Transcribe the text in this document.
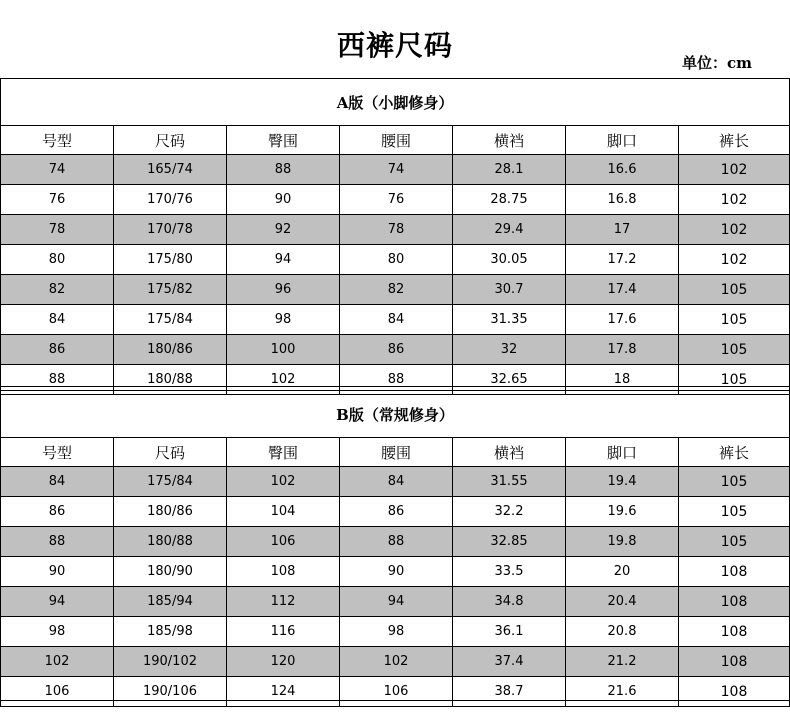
西裤尺码
单位：cm
A版（小脚修身）						
号型	尺码	臀围	腰围	横裆	脚口	裤长
74	165/74	88	74	28.1	16.6	102
76	170/76	90	76	28.75	16.8	102
78	170/78	92	78	29.4	17	102
80	175/80	94	80	30.05	17.2	102
82	175/82	96	82	30.7	17.4	105
84	175/84	98	84	31.35	17.6	105
86	180/86	100	86	32	17.8	105
88	180/88	102	88	32.65	18	105
B版（常规修身）						
号型	尺码	臀围	腰围	横裆	脚口	裤长
84	175/84	102	84	31.55	19.4	105
86	180/86	104	86	32.2	19.6	105
88	180/88	106	88	32.85	19.8	105
90	180/90	108	90	33.5	20	108
94	185/94	112	94	34.8	20.4	108
98	185/98	116	98	36.1	20.8	108
102	190/102	120	102	37.4	21.2	108
106	190/106	124	106	38.7	21.6	108
